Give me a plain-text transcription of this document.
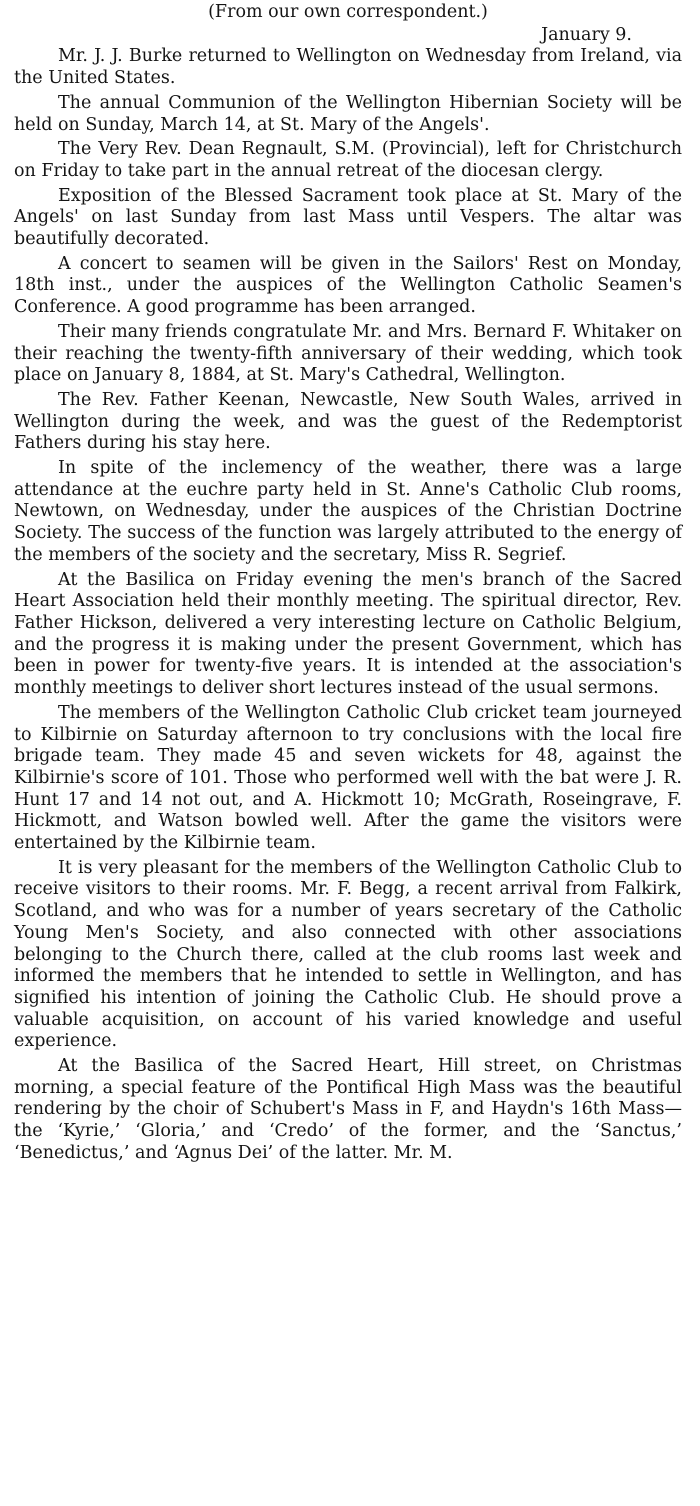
(From our own correspondent.)

January 9.

Mr. J. J. Burke returned to Wellington on Wednesday from Ireland, via the United States.

The annual Communion of the Wellington Hibernian Society will be held on Sunday, March 14, at St. Mary of the Angels'.

The Very Rev. Dean Regnault, S.M. (Provincial), left for Christchurch on Friday to take part in the annual retreat of the diocesan clergy.

Exposition of the Blessed Sacrament took place at St. Mary of the Angels' on last Sunday from last Mass until Vespers. The altar was beautifully decorated.

A concert to seamen will be given in the Sailors' Rest on Monday, 18th inst., under the auspices of the Wellington Catholic Seamen's Conference. A good programme has been arranged.

Their many friends congratulate Mr. and Mrs. Bernard F. Whitaker on their reaching the twenty-fifth anniversary of their wedding, which took place on January 8, 1884, at St. Mary's Cathedral, Wellington.

The Rev. Father Keenan, Newcastle, New South Wales, arrived in Wellington during the week, and was the guest of the Redemptorist Fathers during his stay here.

In spite of the inclemency of the weather, there was a large attendance at the euchre party held in St. Anne's Catholic Club rooms, Newtown, on Wednesday, under the auspices of the Christian Doctrine Society. The success of the function was largely attributed to the energy of the members of the society and the secretary, Miss R. Segrief.

At the Basilica on Friday evening the men's branch of the Sacred Heart Association held their monthly meeting. The spiritual director, Rev. Father Hickson, delivered a very interesting lecture on Catholic Belgium, and the progress it is making under the present Government, which has been in power for twenty-five years. It is intended at the association's monthly meetings to deliver short lectures instead of the usual sermons.

The members of the Wellington Catholic Club cricket team journeyed to Kilbirnie on Saturday afternoon to try conclusions with the local fire brigade team. They made 45 and seven wickets for 48, against the Kilbirnie's score of 101. Those who performed well with the bat were J. R. Hunt 17 and 14 not out, and A. Hickmott 10; McGrath, Roseingrave, F. Hickmott, and Watson bowled well. After the game the visitors were entertained by the Kilbirnie team.

It is very pleasant for the members of the Wellington Catholic Club to receive visitors to their rooms. Mr. F. Begg, a recent arrival from Falkirk, Scotland, and who was for a number of years secretary of the Catholic Young Men's Society, and also connected with other associations belonging to the Church there, called at the club rooms last week and informed the members that he intended to settle in Wellington, and has signified his intention of joining the Catholic Club. He should prove a valuable acquisition, on account of his varied knowledge and useful experience.

At the Basilica of the Sacred Heart, Hill street, on Christmas morning, a special feature of the Pontifical High Mass was the beautiful rendering by the choir of Schubert's Mass in F, and Haydn's 16th Mass—the ‘Kyrie,’ ‘Gloria,’ and ‘Credo’ of the former, and the ‘Sanctus,’ ‘Benedictus,’ and ‘Agnus Dei’ of the latter. Mr. M.
